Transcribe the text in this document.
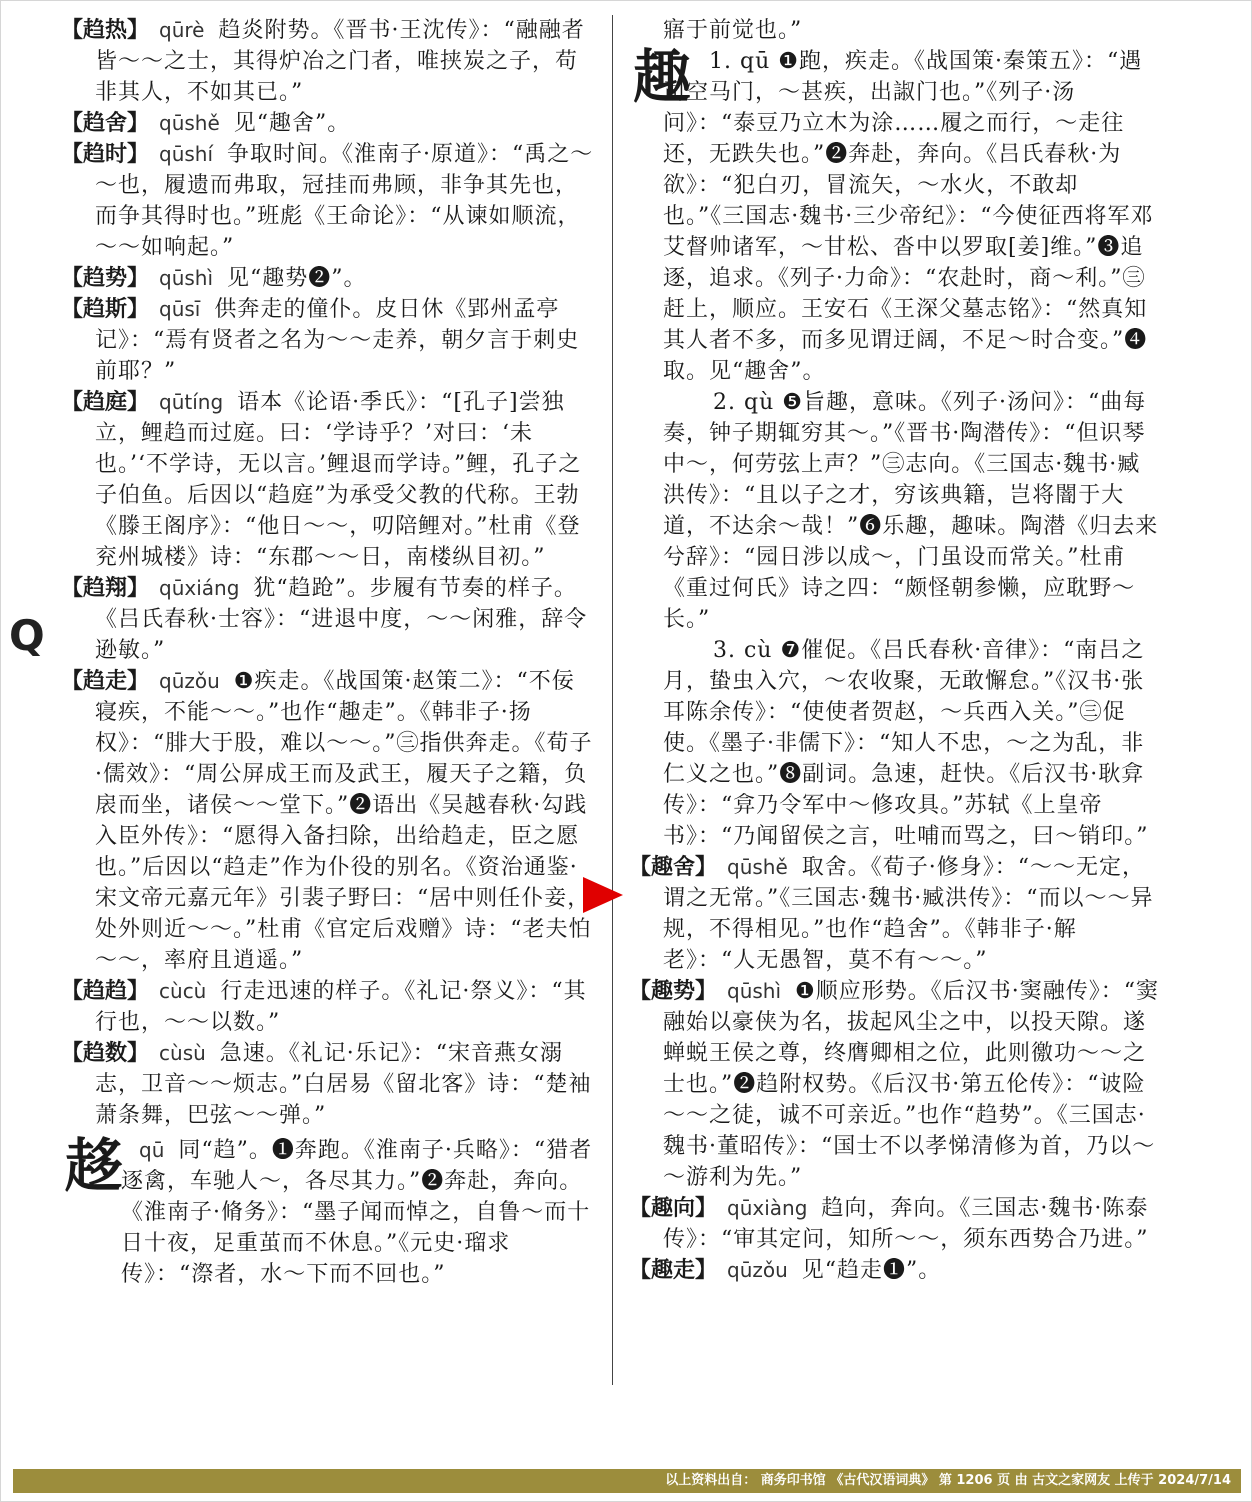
【趋热】 qūrè 趋炎附势。《晋书·王沈传》：“融融者皆～～之士，其得炉冶之门者，唯挟炭之子，苟非其人，不如其已。”

【趋舍】 qūshě 见“趣舍”。

【趋时】 qūshí 争取时间。《淮南子·原道》：“禹之～～也，履遗而弗取，冠挂而弗顾，非争其先也，而争其得时也。”班彪《王命论》：“从谏如顺流，～～如响起。”

【趋势】 qūshì 见“趣势❷”。

【趋斯】 qūsī 供奔走的僮仆。皮日休《郢州孟亭记》：“焉有贤者之名为～～走养，朝夕言于刺史前耶？”

【趋庭】 qūtíng 语本《论语·季氏》：“[孔子]尝独立，鲤趋而过庭。曰：‘学诗乎？’对曰：‘未也。’‘不学诗，无以言。’鲤退而学诗。”鲤，孔子之子伯鱼。后因以“趋庭”为承受父教的代称。王勃《滕王阁序》：“他日～～，叨陪鲤对。”杜甫《登兖州城楼》诗：“东郡～～日，南楼纵目初。”

【趋翔】 qūxiáng 犹“趋跄”。步履有节奏的样子。《吕氏春秋·士容》：“进退中度，～～闲雅，辞令逊敏。”

【趋走】 qūzǒu ❶疾走。《战国策·赵策二》：“不佞寝疾，不能～～。”也作“趣走”。《韩非子·扬权》：“腓大于股，难以～～。”㊂指供奔走。《荀子·儒效》：“周公屏成王而及武王，履天子之籍，负扆而坐，诸侯～～堂下。”❷语出《吴越春秋·勾践入臣外传》：“愿得入备扫除，出给趋走，臣之愿也。”后因以“趋走”作为仆役的别名。《资治通鉴·宋文帝元嘉元年》引裴子野曰：“居中则任仆妾，处外则近～～。”杜甫《官定后戏赠》诗：“老夫怕～～，率府且逍遥。”

【趋趋】 cùcù 行走迅速的样子。《礼记·祭义》：“其行也，～～以数。”

【趋数】 cùsù 急速。《礼记·乐记》：“宋音燕女溺志，卫音～～烦志。”白居易《留北客》诗：“楚袖萧条舞，巴弦～～弹。”

趍 qū 同“趋”。❶奔跑。《淮南子·兵略》：“猎者逐禽，车驰人～，各尽其力。”❷奔赴，奔向。《淮南子·脩务》：“墨子闻而悼之，自鲁～而十日十夜，足重茧而不休息。”《元史·瑠求传》：“漈者，水～下而不回也。”
Q

寤于前觉也。”

趣 1. qū ❶跑，疾走。《战国策·秦策五》：“遇司空马门，～甚疾，出諔门也。”《列子·汤问》：“泰豆乃立木为涂……履之而行，～走往还，无跌失也。”❷奔赴，奔向。《吕氏春秋·为欲》：“犯白刃，冒流矢，～水火，不敢却也。”《三国志·魏书·三少帝纪》：“今使征西将军邓艾督帅诸军，～甘松、沓中以罗取[姜]维。”❸追逐，追求。《列子·力命》：“农赴时，商～利。”㊂赶上，顺应。王安石《王深父墓志铭》：“然真知其人者不多，而多见谓迂阔，不足～时合变。”❹取。见“趣舍”。

2. qù ❺旨趣，意味。《列子·汤问》：“曲每奏，钟子期辄穷其～。”《晋书·陶潜传》：“但识琴中～，何劳弦上声？”㊂志向。《三国志·魏书·臧洪传》：“且以子之才，穷该典籍，岂将闇于大道，不达余～哉！”❻乐趣，趣味。陶潜《归去来兮辞》：“园日涉以成～，门虽设而常关。”杜甫《重过何氏》诗之四：“颇怪朝参懒，应耽野～长。”

3. cù ❼催促。《吕氏春秋·音律》：“南吕之月，蛰虫入穴，～农收聚，无敢懈怠。”《汉书·张耳陈余传》：“使使者贺赵，～兵西入关。”㊂促使。《墨子·非儒下》：“知人不忠，～之为乱，非仁义之也。”❽副词。急速，赶快。《后汉书·耿弇传》：“弇乃令军中～修攻具。”苏轼《上皇帝书》：“乃闻留侯之言，吐哺而骂之，曰～销印。”

【趣舍】 qūshě 取舍。《荀子·修身》：“～～无定，谓之无常。”《三国志·魏书·臧洪传》：“而以～～异规，不得相见。”也作“趋舍”。《韩非子·解老》：“人无愚智，莫不有～～。”

【趣势】 qūshì ❶顺应形势。《后汉书·窦融传》：“窦融始以豪侠为名，拔起风尘之中，以投天隙。遂蝉蜕王侯之尊，终膺卿相之位，此则徼功～～之士也。”❷趋附权势。《后汉书·第五伦传》：“诐险～～之徒，诚不可亲近。”也作“趋势”。《三国志·魏书·董昭传》：“国士不以孝悌清修为首，乃以～～游利为先。”

【趣向】 qūxiàng 趋向，奔向。《三国志·魏书·陈泰传》：“审其定问，知所～～，须东西势合乃进。”

【趣走】 qūzǒu 见“趋走❶”。

以上资料出自： 商务印书馆 《古代汉语词典》 第 1206 页 由 古文之家网友 上传于 2024/7/14
